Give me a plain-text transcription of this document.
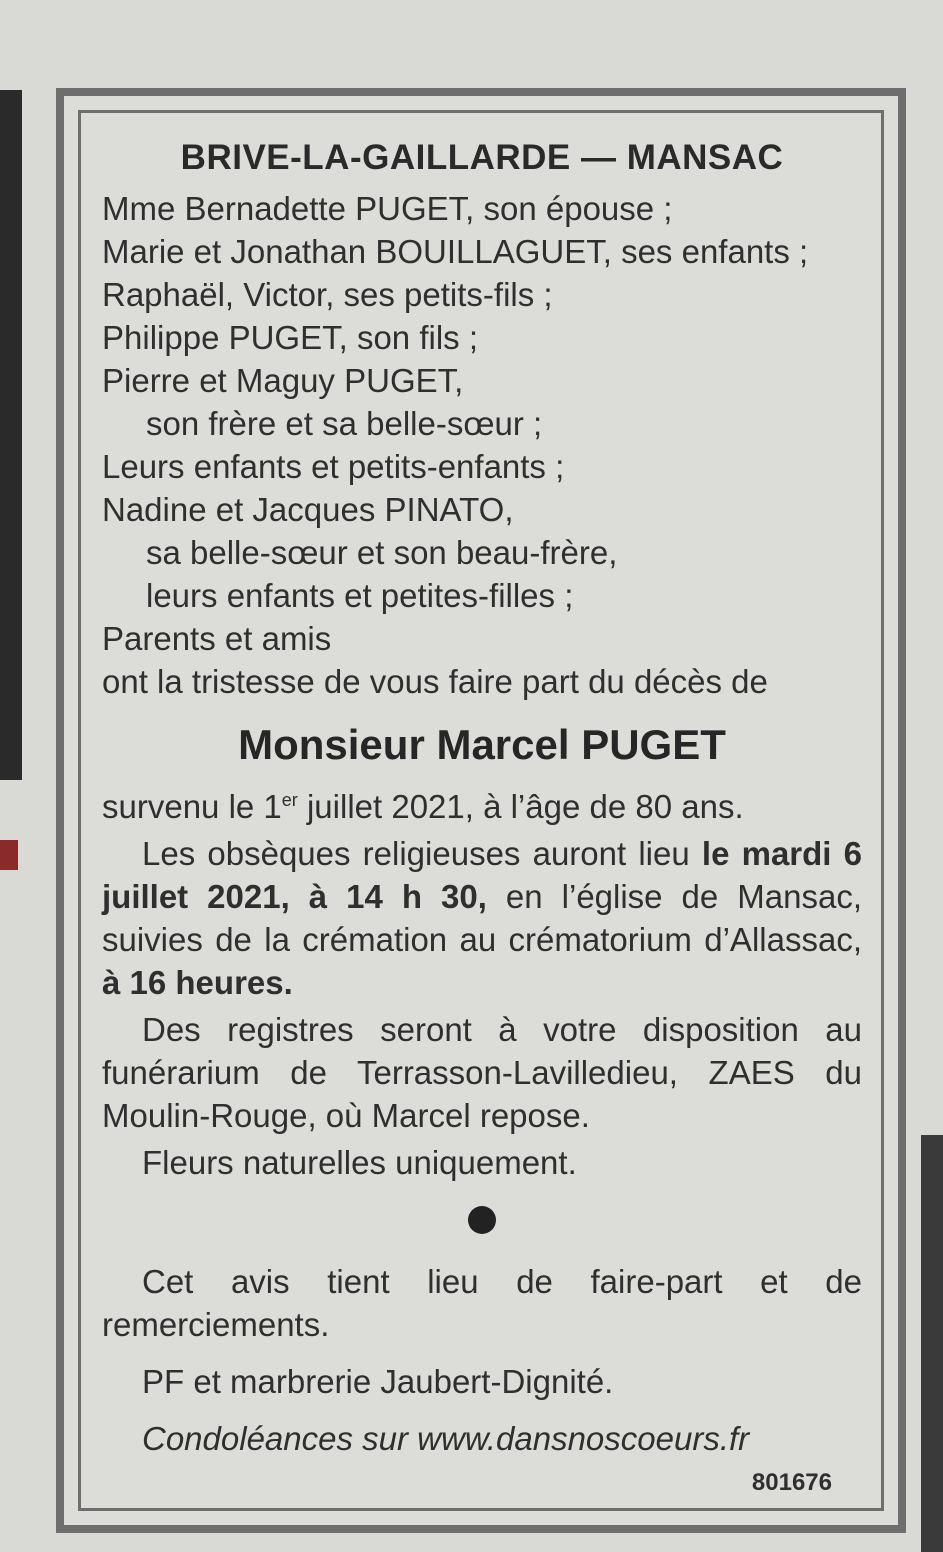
BRIVE-LA-GAILLARDE — MANSAC
Mme Bernadette PUGET, son épouse ;
Marie et Jonathan BOUILLAGUET, ses enfants ;
Raphaël, Victor, ses petits-fils ;
Philippe PUGET, son fils ;
Pierre et Maguy PUGET,
son frère et sa belle-sœur ;
Leurs enfants et petits-enfants ;
Nadine et Jacques PINATO,
sa belle-sœur et son beau-frère,
leurs enfants et petites-filles ;
Parents et amis
ont la tristesse de vous faire part du décès de
Monsieur Marcel PUGET
survenu le 1er juillet 2021, à l’âge de 80 ans.
Les obsèques religieuses auront lieu le mardi 6 juillet 2021, à 14 h 30, en l’église de Mansac, suivies de la crémation au crématorium d’Allassac, à 16 heures.
Des registres seront à votre disposition au funérarium de Terrasson-Lavilledieu, ZAES du Moulin-Rouge, où Marcel repose.
Fleurs naturelles uniquement.
Cet avis tient lieu de faire-part et de remerciements.
PF et marbrerie Jaubert-Dignité.
Condoléances sur www.dansnoscoeurs.fr
801676
